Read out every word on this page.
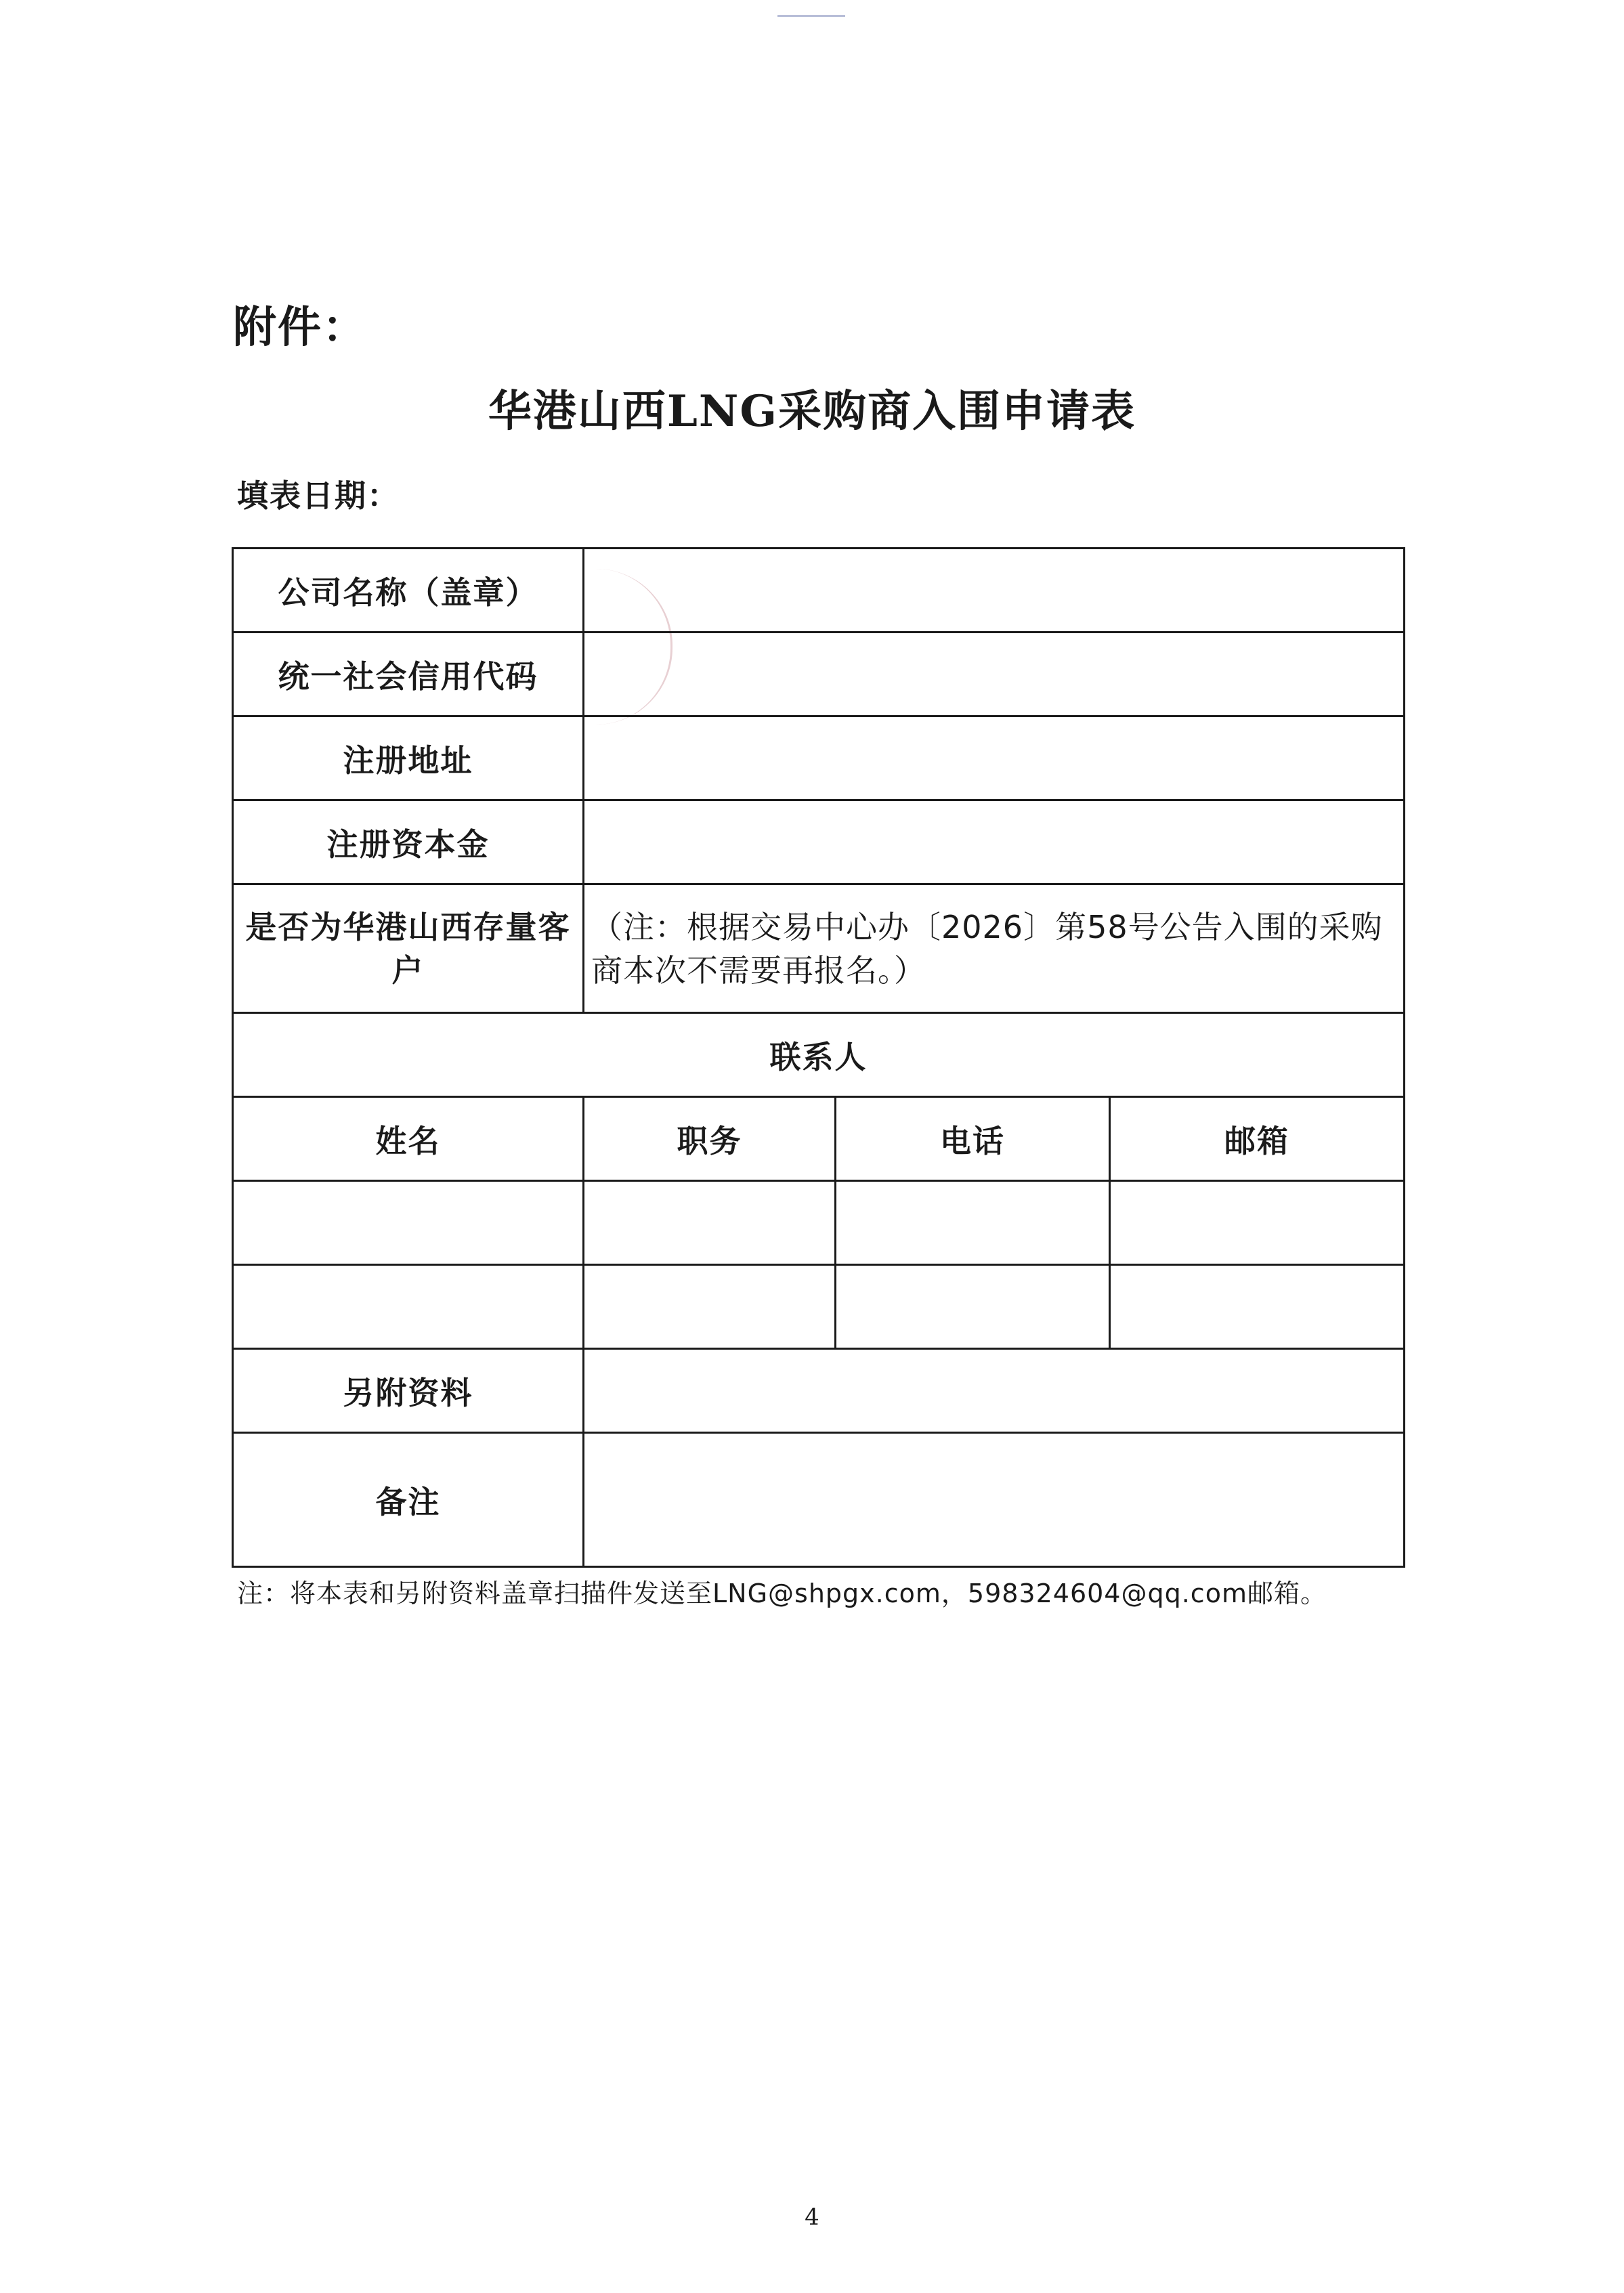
附件：
华港山西LNG采购商入围申请表
填表日期：
公司名称（盖章）			
统一社会信用代码			
注册地址			
注册资本金			
是否为华港山西存量客户	（注：根据交易中心办〔2026〕第58号公告入围的采购商本次不需要再报名。）		
联系人			
姓名	职务	电话	邮箱

另附资料			
备注			
注：将本表和另附资料盖章扫描件发送至LNG@shpgx.com，598324604@qq.com邮箱。
4
